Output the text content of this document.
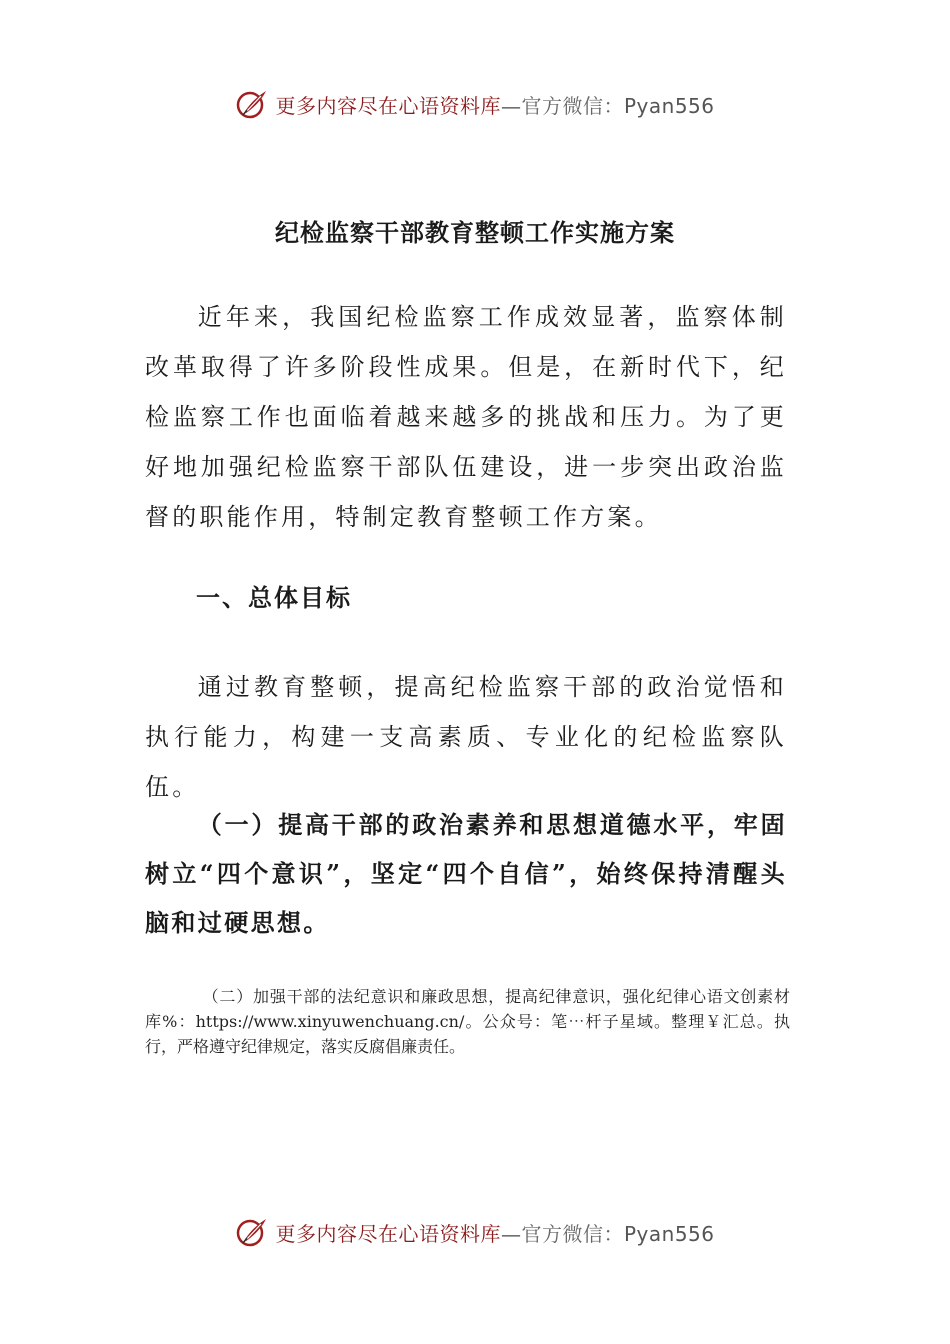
更多内容尽在心语资料库—官方微信：Pyan556
纪检监察干部教育整顿工作实施方案

近年来，我国纪检监察工作成效显著，监察体制改革取得了许多阶段性成果。但是，在新时代下，纪检监察工作也面临着越来越多的挑战和压力。为了更好地加强纪检监察干部队伍建设，进一步突出政治监督的职能作用，特制定教育整顿工作方案。

一、总体目标

通过教育整顿，提高纪检监察干部的政治觉悟和执行能力，构建一支高素质、专业化的纪检监察队伍。

（一）提高干部的政治素养和思想道德水平，牢固树立“四个意识”，坚定“四个自信”，始终保持清醒头脑和过硬思想。

（二）加强干部的法纪意识和廉政思想，提高纪律意识，强化纪律心语文创素材库%：https://www.xinyuwenchuang.cn/。公众号：笔⋯杆子星域。整理￥汇总。执行，严格遵守纪律规定，落实反腐倡廉责任。

更多内容尽在心语资料库—官方微信：Pyan556
